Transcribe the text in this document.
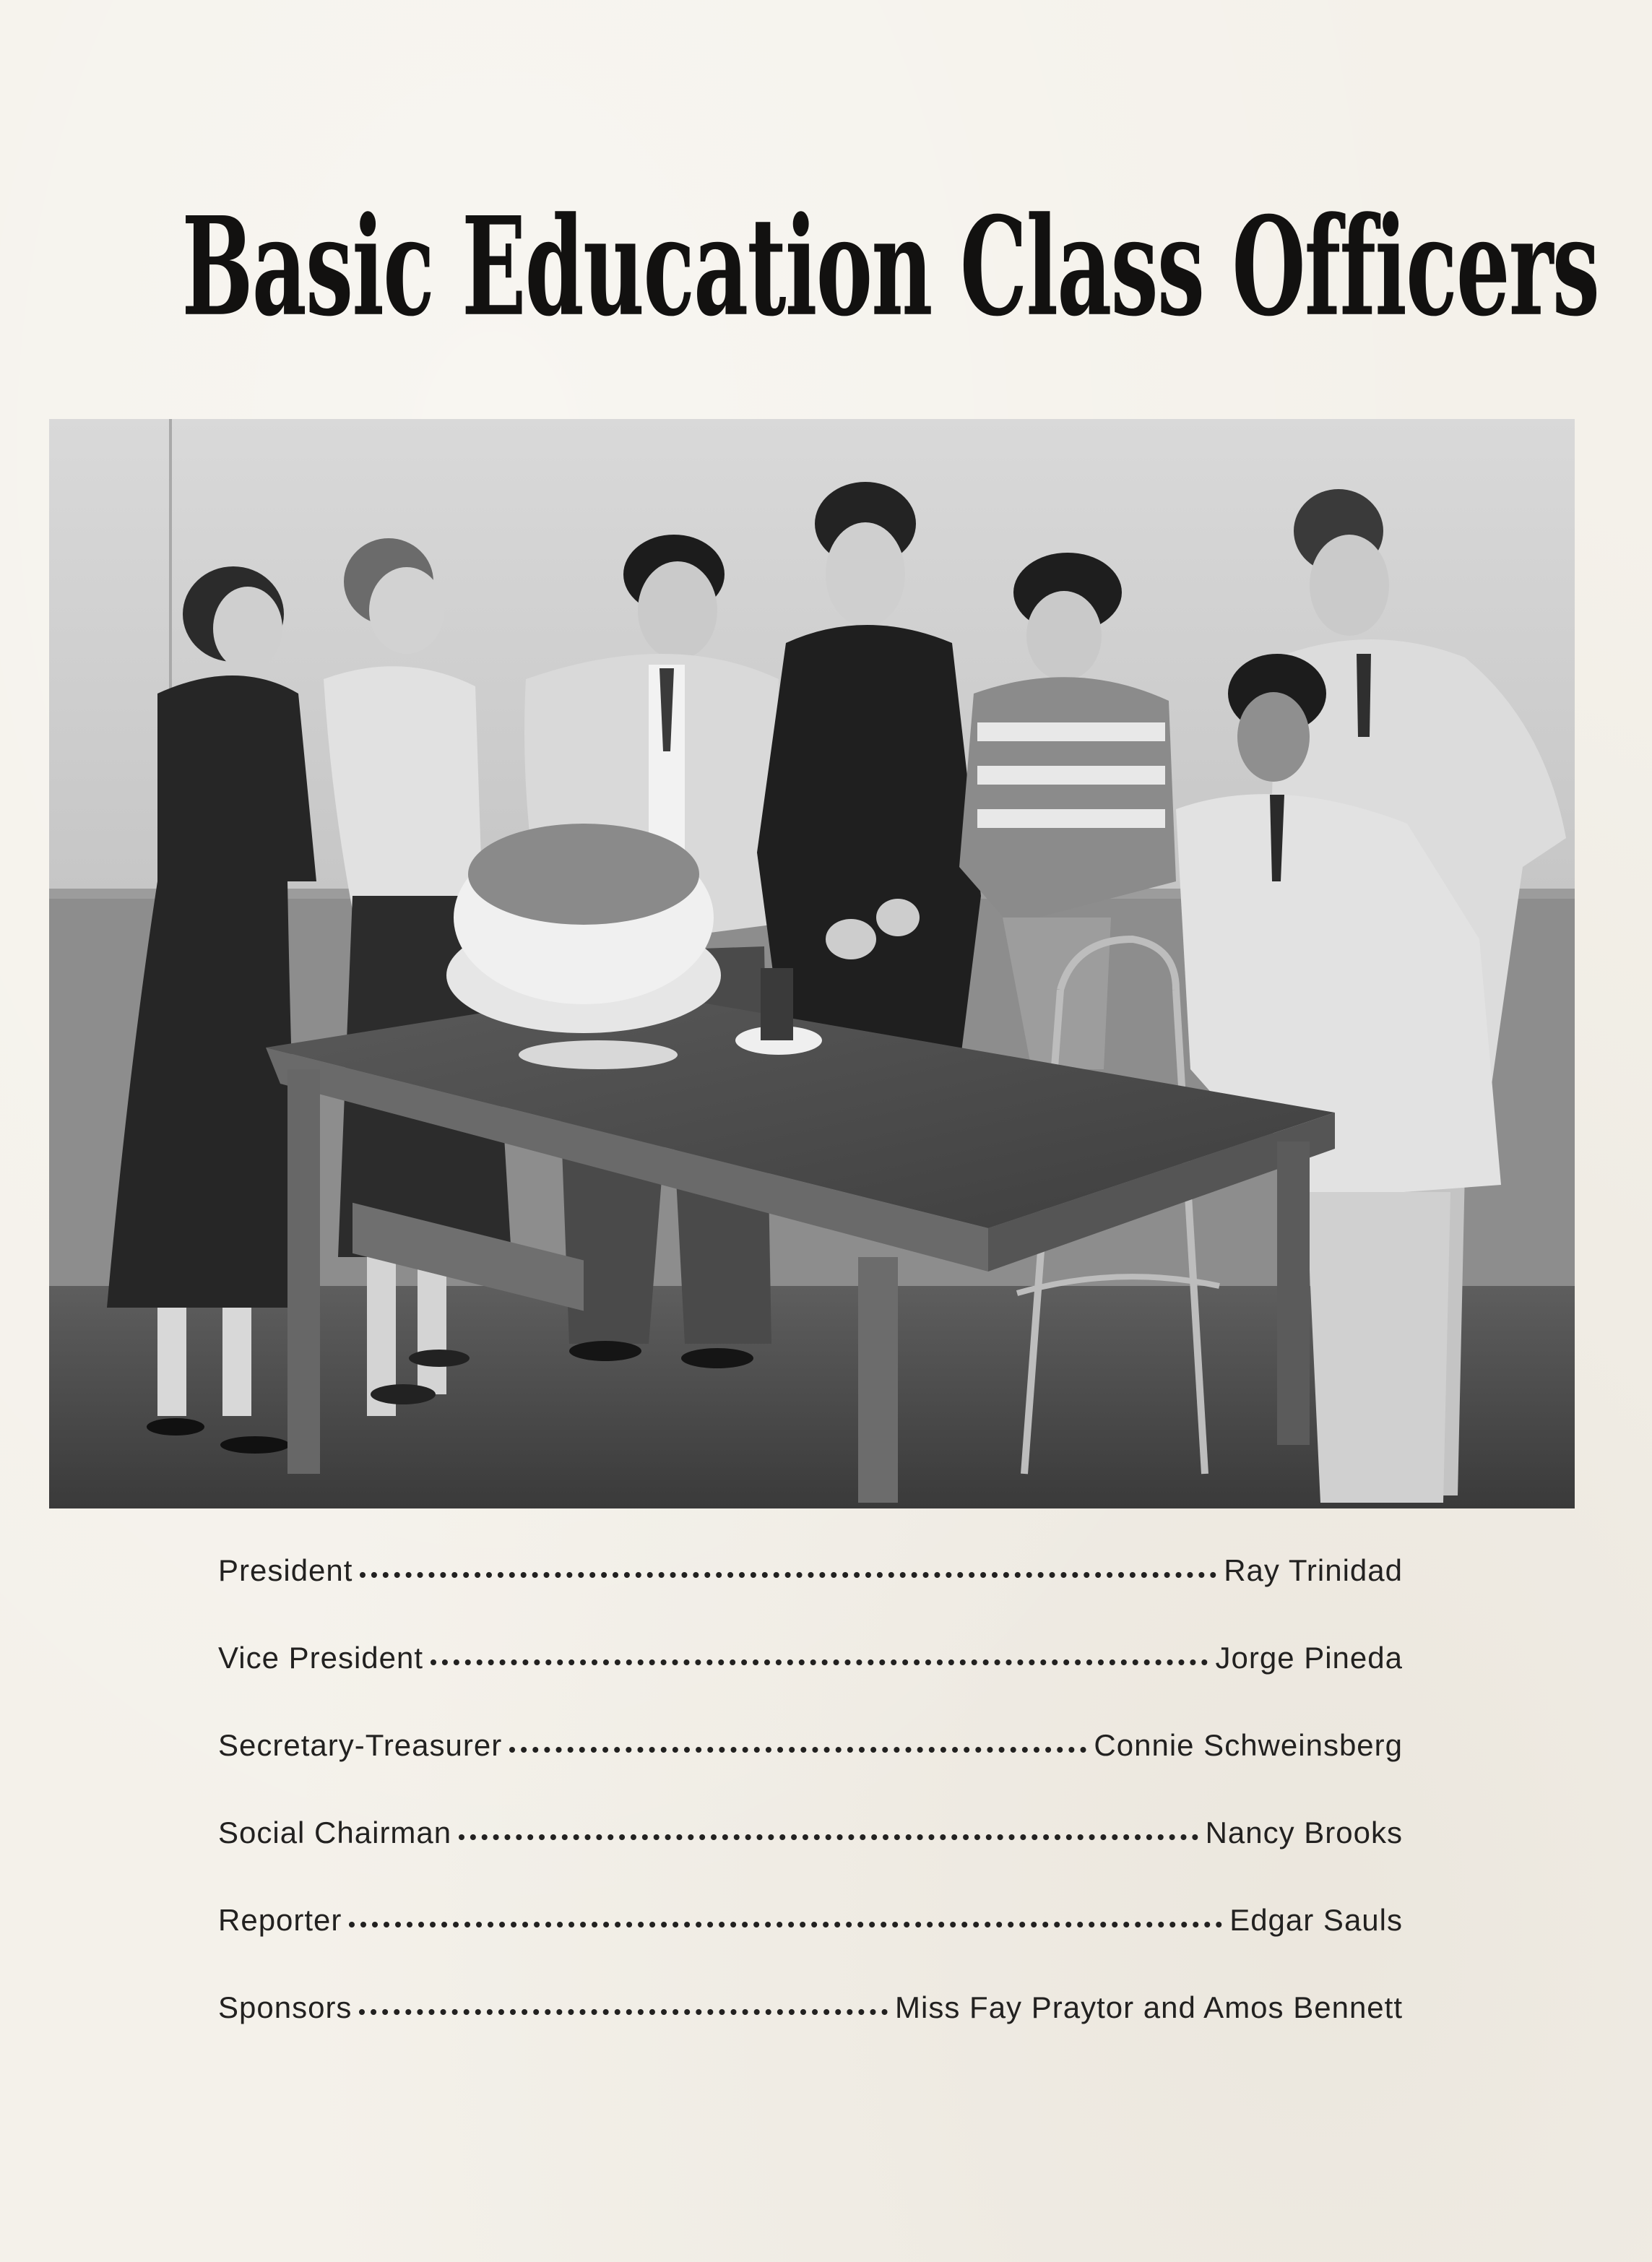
Basic Education Class Officers
President	Ray Trinidad
Vice President	Jorge Pineda
Secretary-Treasurer	Connie Schweinsberg
Social Chairman	Nancy Brooks
Reporter	Edgar Sauls
Sponsors	Miss Fay Praytor and Amos Bennett
